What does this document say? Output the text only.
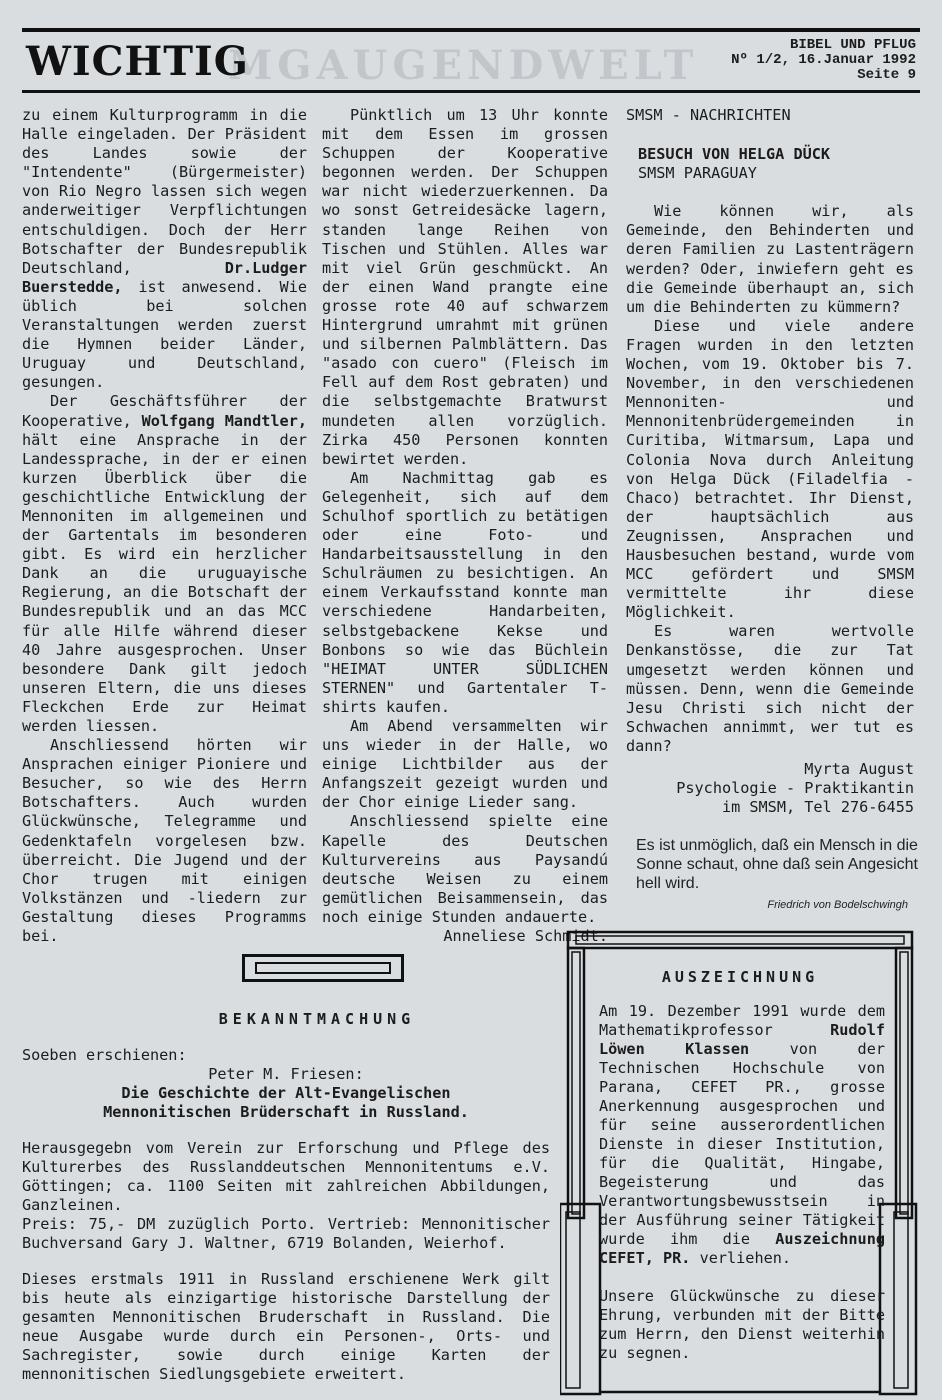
MGAUGENDWELT
WICHTIG	BIBEL UND PFLUG
Nº 1/2, 16.Januar 1992
Seite 9

zu einem Kulturprogramm in die Halle eingeladen. Der Präsident des Landes sowie der "Intendente" (Bürgermeister) von Rio Negro lassen sich wegen anderweitiger Verpflichtungen entschuldigen. Doch der Herr Botschafter der Bundesrepublik Deutschland,	Dr.Ludger Buerstedde, ist anwesend. Wie üblich bei solchen Veranstaltungen werden zuerst die Hymnen beider Länder, Uruguay und Deutschland, gesungen.

Der Geschäftsführer der Kooperative, Wolfgang Mandtler, hält eine Ansprache in der Landessprache, in der er einen kurzen Überblick über die geschichtliche Entwicklung der Mennoniten im allgemeinen und der Gartentals im besonderen gibt. Es wird ein herzlicher Dank an die uruguayische Regierung, an die Botschaft der Bundesrepublik und an das MCC für alle Hilfe während dieser 40 Jahre ausgesprochen. Unser besondere Dank gilt jedoch unseren Eltern, die uns dieses Fleckchen Erde zur Heimat werden liessen.

Anschliessend hörten wir Ansprachen einiger Pioniere und Besucher, so wie des Herrn Botschafters. Auch wurden Glückwünsche, Telegramme und Gedenktafeln vorgelesen bzw. überreicht. Die Jugend und der Chor trugen mit einigen Volkstänzen und -liedern zur Gestaltung dieses Programms bei.

Pünktlich um 13 Uhr konnte mit dem Essen im grossen Schuppen der Kooperative begonnen werden. Der Schuppen war nicht wiederzuerkennen. Da wo sonst Getreidesäcke lagern, standen lange Reihen von Tischen und Stühlen. Alles war mit viel Grün geschmückt. An der einen Wand prangte eine grosse rote 40 auf schwarzem Hintergrund umrahmt mit grünen und silbernen Palmblättern. Das "asado con cuero" (Fleisch im Fell auf dem Rost gebraten) und die selbstgemachte Bratwurst mundeten allen vorzüglich. Zirka 450 Personen konnten bewirtet werden.

Am Nachmittag gab es Gelegenheit, sich auf dem Schulhof sportlich zu betätigen oder eine Foto- und Handarbeitsausstellung in den Schulräumen zu besichtigen. An einem Verkaufsstand konnte man verschiedene Handarbeiten, selbstgebackene Kekse und Bonbons so wie das Büchlein "HEIMAT UNTER SÜDLICHEN STERNEN" und Gartentaler T-shirts kaufen.

Am Abend versammelten wir uns wieder in der Halle, wo einige Lichtbilder aus der Anfangszeit gezeigt wurden und der Chor einige Lieder sang.

Anschliessend spielte eine Kapelle des Deutschen Kulturvereins aus Paysandú deutsche Weisen zu einem gemütlichen Beisammensein, das noch einige Stunden andauerte.

Anneliese Schmidt.

SMSM - NACHRICHTEN

BESUCH VON HELGA DÜCK

SMSM PARAGUAY

Wie können wir, als Gemeinde, den Behinderten und deren Familien zu Lastenträgern werden? Oder, inwiefern geht es die Gemeinde überhaupt an, sich um die Behinderten zu kümmern?

Diese und viele andere Fragen wurden in den letzten Wochen, vom 19. Oktober bis 7. November, in den verschiedenen Mennoniten- und Mennonitenbrüdergemeinden in Curitiba, Witmarsum, Lapa und Colonia Nova durch Anleitung von Helga Dück (Filadelfia - Chaco) betrachtet. Ihr Dienst, der hauptsächlich aus Zeugnissen, Ansprachen und Hausbesuchen bestand, wurde vom MCC gefördert und SMSM vermittelte ihr diese Möglichkeit.

Es waren wertvolle Denkanstösse, die zur Tat umgesetzt werden können und müssen. Denn, wenn die Gemeinde Jesu Christi sich nicht der Schwachen annimmt, wer tut es dann?

Myrta August

Psychologie - Praktikantin

im SMSM, Tel 276-6455

Es ist unmöglich, daß ein Mensch in die Sonne schaut, ohne daß sein Angesicht hell wird.
Friedrich von Bodelschwingh
BEKANNTMACHUNG

Soeben erschienen:

Peter M. Friesen:

Die Geschichte der Alt-Evangelischen

Mennonitischen Brüderschaft in Russland.

Herausgegebn vom Verein zur Erforschung und Pflege des Kulturerbes des Russlanddeutschen Mennonitentums e.V. Göttingen; ca. 1100 Seiten mit zahlreichen Abbildungen, Ganzleinen.

Preis: 75,- DM zuzüglich Porto. Vertrieb: Mennonitischer Buchversand Gary J. Waltner, 6719 Bolanden, Weierhof.

Dieses erstmals 1911 in Russland erschienene Werk gilt bis heute als einzigartige historische Darstellung der gesamten Mennonitischen Bruderschaft in Russland. Die neue Ausgabe wurde durch ein Personen-, Orts- und Sachregister, sowie durch einige Karten der mennonitischen Siedlungsgebiete erweitert.

AUSZEICHNUNG

Am 19. Dezember 1991 wurde dem Mathematikprofessor	Rudolf Löwen Klassen	von der Technischen Hochschule von Parana, CEFET PR., grosse Anerkennung ausgesprochen und für seine ausserordentlichen Dienste in dieser Institution, für die Qualität, Hingabe, Begeisterung und das Verantwortungsbewusstsein in der Ausführung seiner Tätigkeit wurde ihm die Auszeichnung CEFET, PR. verliehen.

Unsere Glückwünsche zu dieser Ehrung, verbunden mit der Bitte zum Herrn, den Dienst weiterhin zu segnen.
